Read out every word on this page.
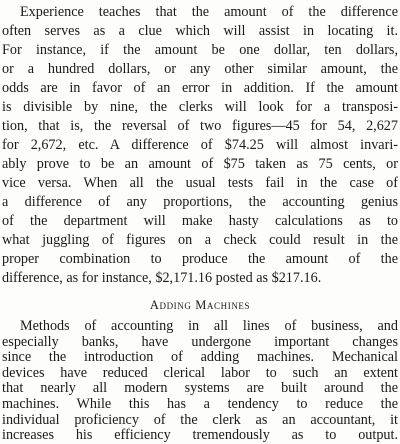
Experience teaches that the amount of the difference
often serves as a clue which will assist in locating it.
For instance, if the amount be one dollar, ten dollars,
or a hundred dollars, or any other similar amount, the
odds are in favor of an error in addition. If the amount
is divisible by nine, the clerks will look for a transposi-
tion, that is, the reversal of two figures—45 for 54, 2,627
for 2,672, etc. A difference of $74.25 will almost invari-
ably prove to be an amount of $75 taken as 75 cents, or
vice versa. When all the usual tests fail in the case of
a difference of any proportions, the accounting genius
of the department will make hasty calculations as to
what juggling of figures on a check could result in the
proper combination to produce the amount of the
difference, as for instance, $2,171.16 posted as $217.16.
Adding Machines
Methods of accounting in all lines of business, and
especially banks, have undergone important changes
since the introduction of adding machines. Mechanical
devices have reduced clerical labor to such an extent
that nearly all modern systems are built around the
machines. While this has a tendency to reduce the
individual proficiency of the clerk as an accountant, it
increases his efficiency tremendously as to output.
